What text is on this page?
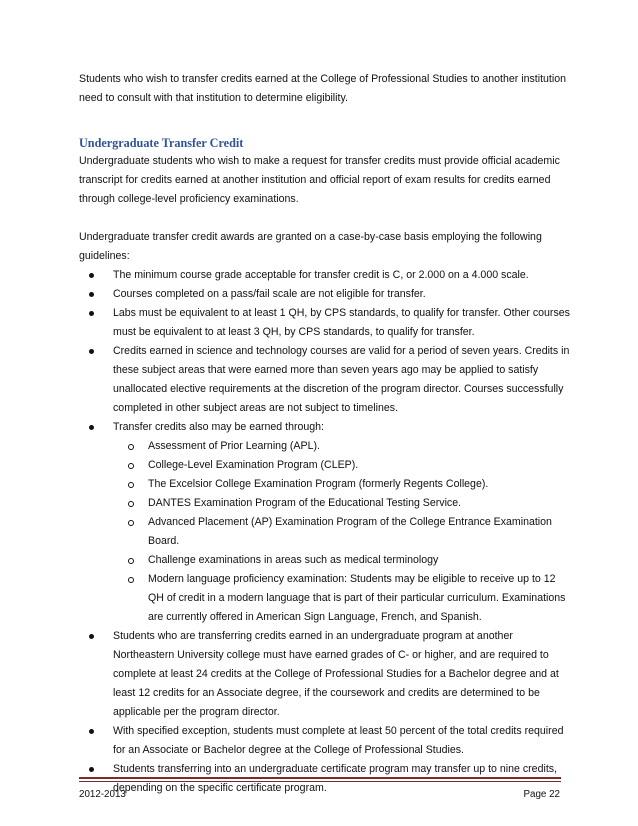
Students who wish to transfer credits earned at the College of Professional Studies to another institution need to consult with that institution to determine eligibility.

Undergraduate Transfer Credit

Undergraduate students who wish to make a request for transfer credits must provide official academic transcript for credits earned at another institution and official report of exam results for credits earned through college-level proficiency examinations.

Undergraduate transfer credit awards are granted on a case-by-case basis employing the following guidelines:

The minimum course grade acceptable for transfer credit is C, or 2.000 on a 4.000 scale.
Courses completed on a pass/fail scale are not eligible for transfer.
Labs must be equivalent to at least 1 QH, by CPS standards, to qualify for transfer. Other courses must be equivalent to at least 3 QH, by CPS standards, to qualify for transfer.
Credits earned in science and technology courses are valid for a period of seven years. Credits in these subject areas that were earned more than seven years ago may be applied to satisfy unallocated elective requirements at the discretion of the program director. Courses successfully completed in other subject areas are not subject to timelines.
Transfer credits also may be earned through:
Assessment of Prior Learning (APL).
College-Level Examination Program (CLEP).
The Excelsior College Examination Program (formerly Regents College).
DANTES Examination Program of the Educational Testing Service.
Advanced Placement (AP) Examination Program of the College Entrance Examination Board.
Challenge examinations in areas such as medical terminology
Modern language proficiency examination: Students may be eligible to receive up to 12 QH of credit in a modern language that is part of their particular curriculum. Examinations are currently offered in American Sign Language, French, and Spanish.
Students who are transferring credits earned in an undergraduate program at another Northeastern University college must have earned grades of C- or higher, and are required to complete at least 24 credits at the College of Professional Studies for a Bachelor degree and at least 12 credits for an Associate degree, if the coursework and credits are determined to be applicable per the program director.
With specified exception, students must complete at least 50 percent of the total credits required for an Associate or Bachelor degree at the College of Professional Studies.
Students transferring into an undergraduate certificate program may transfer up to nine credits, depending on the specific certificate program.
2012-2013	Page 22
